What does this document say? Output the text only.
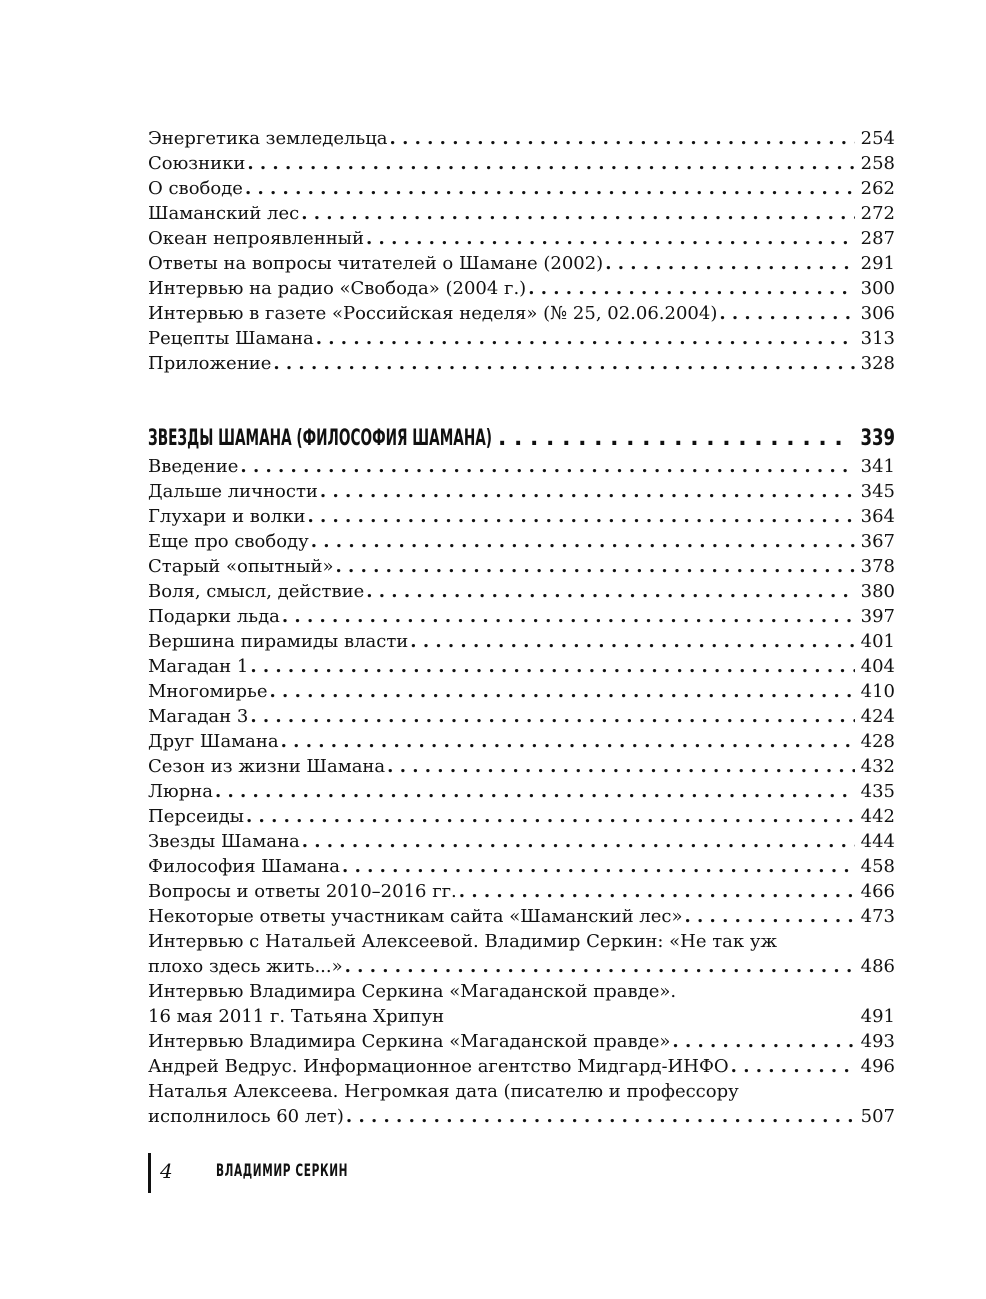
Энергетика земледельца . . .	254
Союзники . . .	258
О свободе . . .	262
Шаманский лес . . .	272
Океан непроявленный . . .	287
Ответы на вопросы читателей о Шамане (2002) . . .	291
Интервью на радио «Свобода» (2004 г.) . . .	300
Интервью в газете «Российская неделя» (№ 25, 02.06.2004) . . .	306
Рецепты Шамана . . .	313
Приложение . . .	328
ЗВЕЗДЫ ШАМАНА (ФИЛОСОФИЯ ШАМАНА) . . .	339
Введение . . .	341
Дальше личности . . .	345
Глухари и волки . . .	364
Еще про свободу . . .	367
Старый «опытный» . . .	378
Воля, смысл, действие . . .	380
Подарки льда . . .	397
Вершина пирамиды власти . . .	401
Магадан 1 . . .	404
Многомирье . . .	410
Магадан 3 . . .	424
Друг Шамана . . .	428
Сезон из жизни Шамана . . .	432
Люрна . . .	435
Персеиды . . .	442
Звезды Шамана . . .	444
Философия Шамана . . .	458
Вопросы и ответы 2010–2016 гг. . . .	466
Некоторые ответы участникам сайта «Шаманский лес» . . .	473
Интервью с Натальей Алексеевой. Владимир Серкин: «Не так уж
плохо здесь жить...» . . .	486
Интервью Владимира Серкина «Магаданской правде».
16 мая 2011 г. Татьяна Хрипун	491
Интервью Владимира Серкина «Магаданской правде» . . .	493
Андрей Ведрус. Информационное агентство Мидгард-ИНФО . . .	496
Наталья Алексеева. Негромкая дата (писателю и профессору
исполнилось 60 лет) . . .	507
4	ВЛАДИМИР СЕРКИН
